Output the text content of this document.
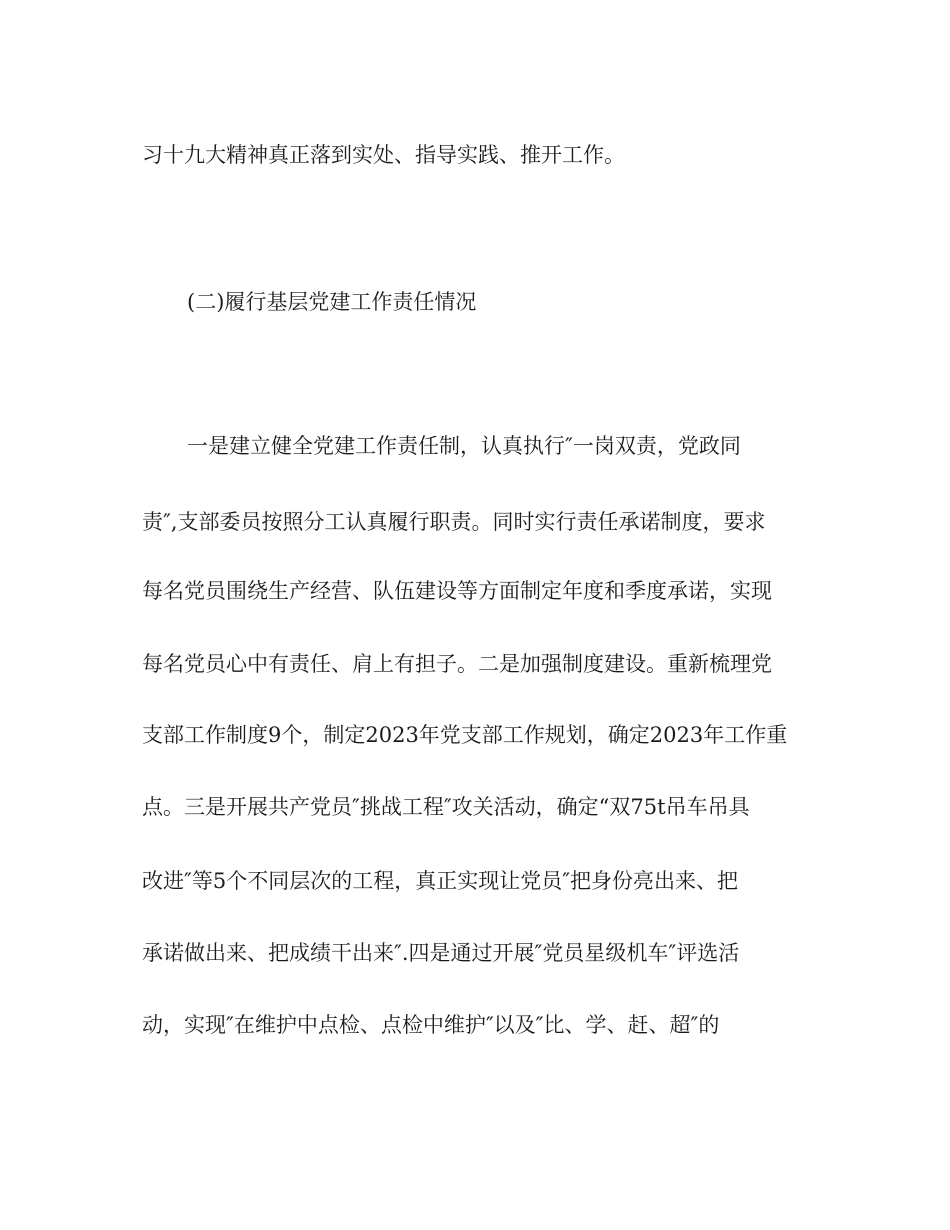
习十九大精神真正落到实处、指导实践、推开工作。
(二)履行基层党建工作责任情况
一是建立健全党建工作责任制，认真执行″一岗双责，党政同
责″,支部委员按照分工认真履行职责。同时实行责任承诺制度，要求
每名党员围绕生产经营、队伍建设等方面制定年度和季度承诺，实现
每名党员心中有责任、肩上有担子。二是加强制度建设。重新梳理党
支部工作制度9个，制定2023年党支部工作规划，确定2023年工作重
点。三是开展共产党员″挑战工程″攻关活动，确定“双75t吊车吊具
改进″等5个不同层次的工程，真正实现让党员″把身份亮出来、把
承诺做出来、把成绩干出来″.四是通过开展″党员星级机车″评选活
动，实现″在维护中点检、点检中维护″以及″比、学、赶、超″的
